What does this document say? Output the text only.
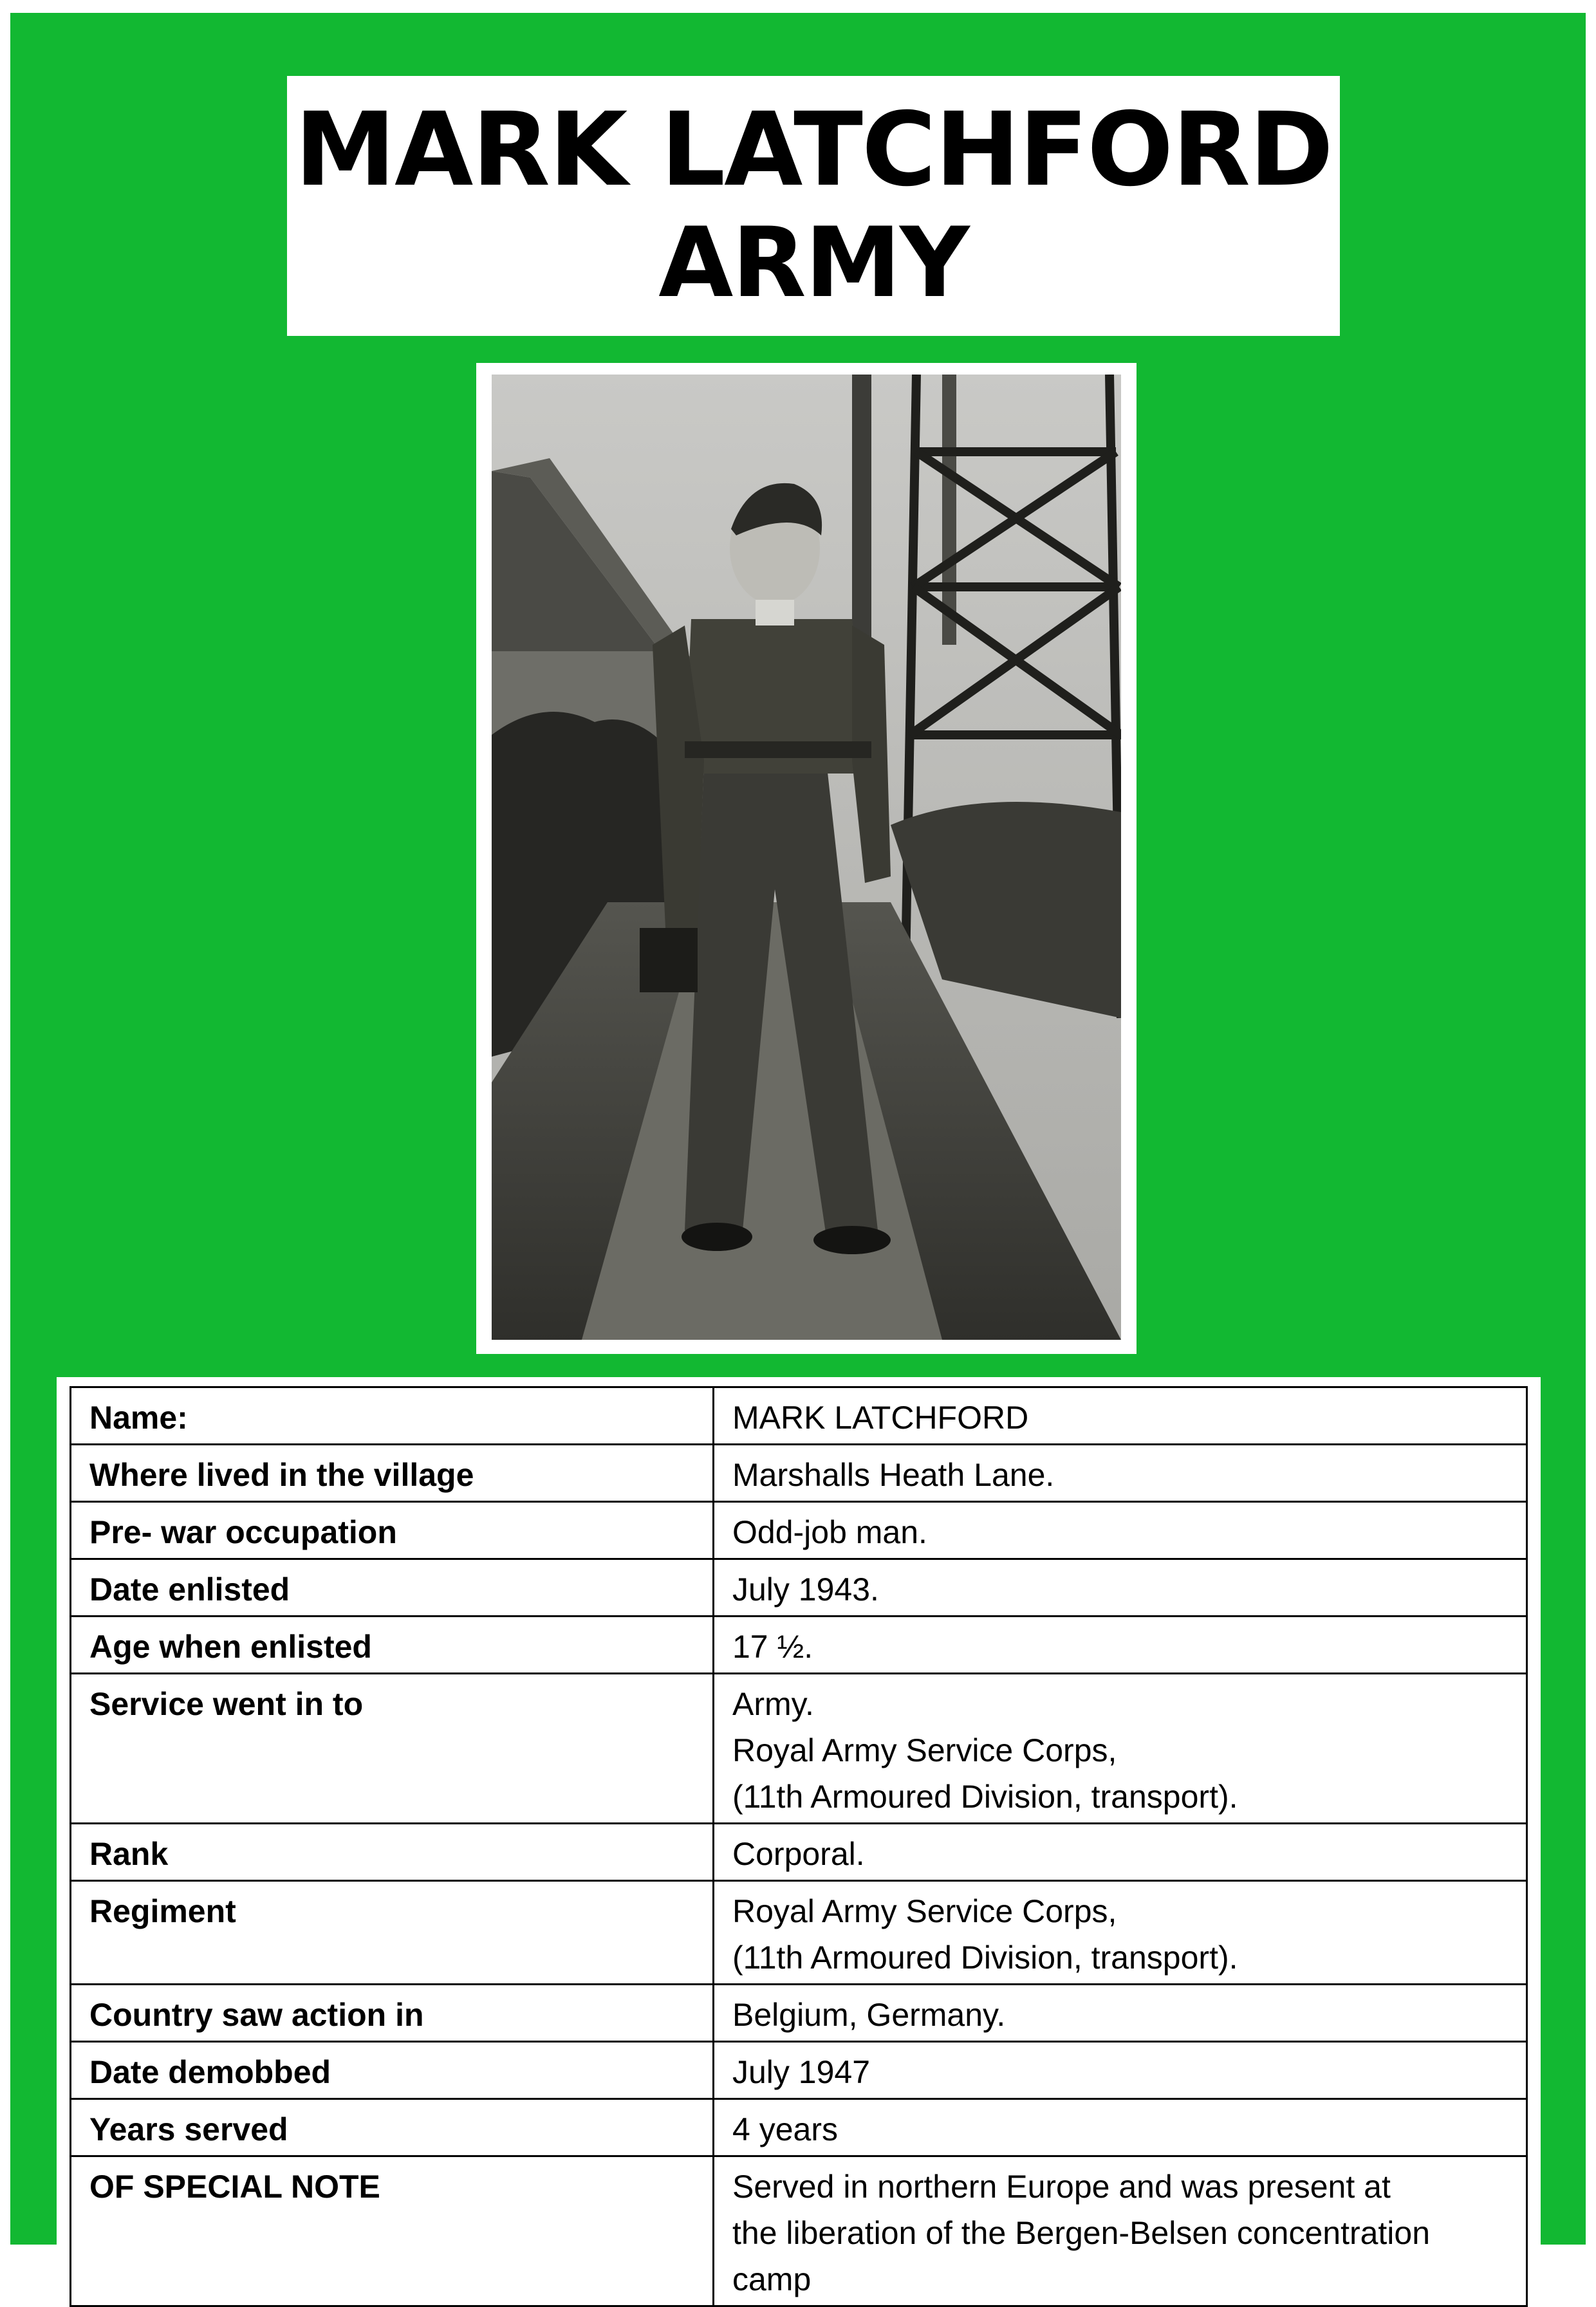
MARK LATCHFORD
ARMY
Name:	MARK LATCHFORD

Where lived in the village	Marshalls Heath Lane.

Pre- war occupation	Odd-job man.

Date enlisted	July 1943.

Age when enlisted	17 ½.

Service went in to	Army.
Royal Army Service Corps,
(11th Armoured Division, transport).

Rank	Corporal.

Regiment	Royal Army Service Corps,
(11th Armoured Division, transport).

Country saw action in	Belgium, Germany.

Date demobbed	July 1947

Years served	4 years

OF SPECIAL NOTE	Served in northern Europe and was present at
the liberation of the Bergen-Belsen concentration
camp
